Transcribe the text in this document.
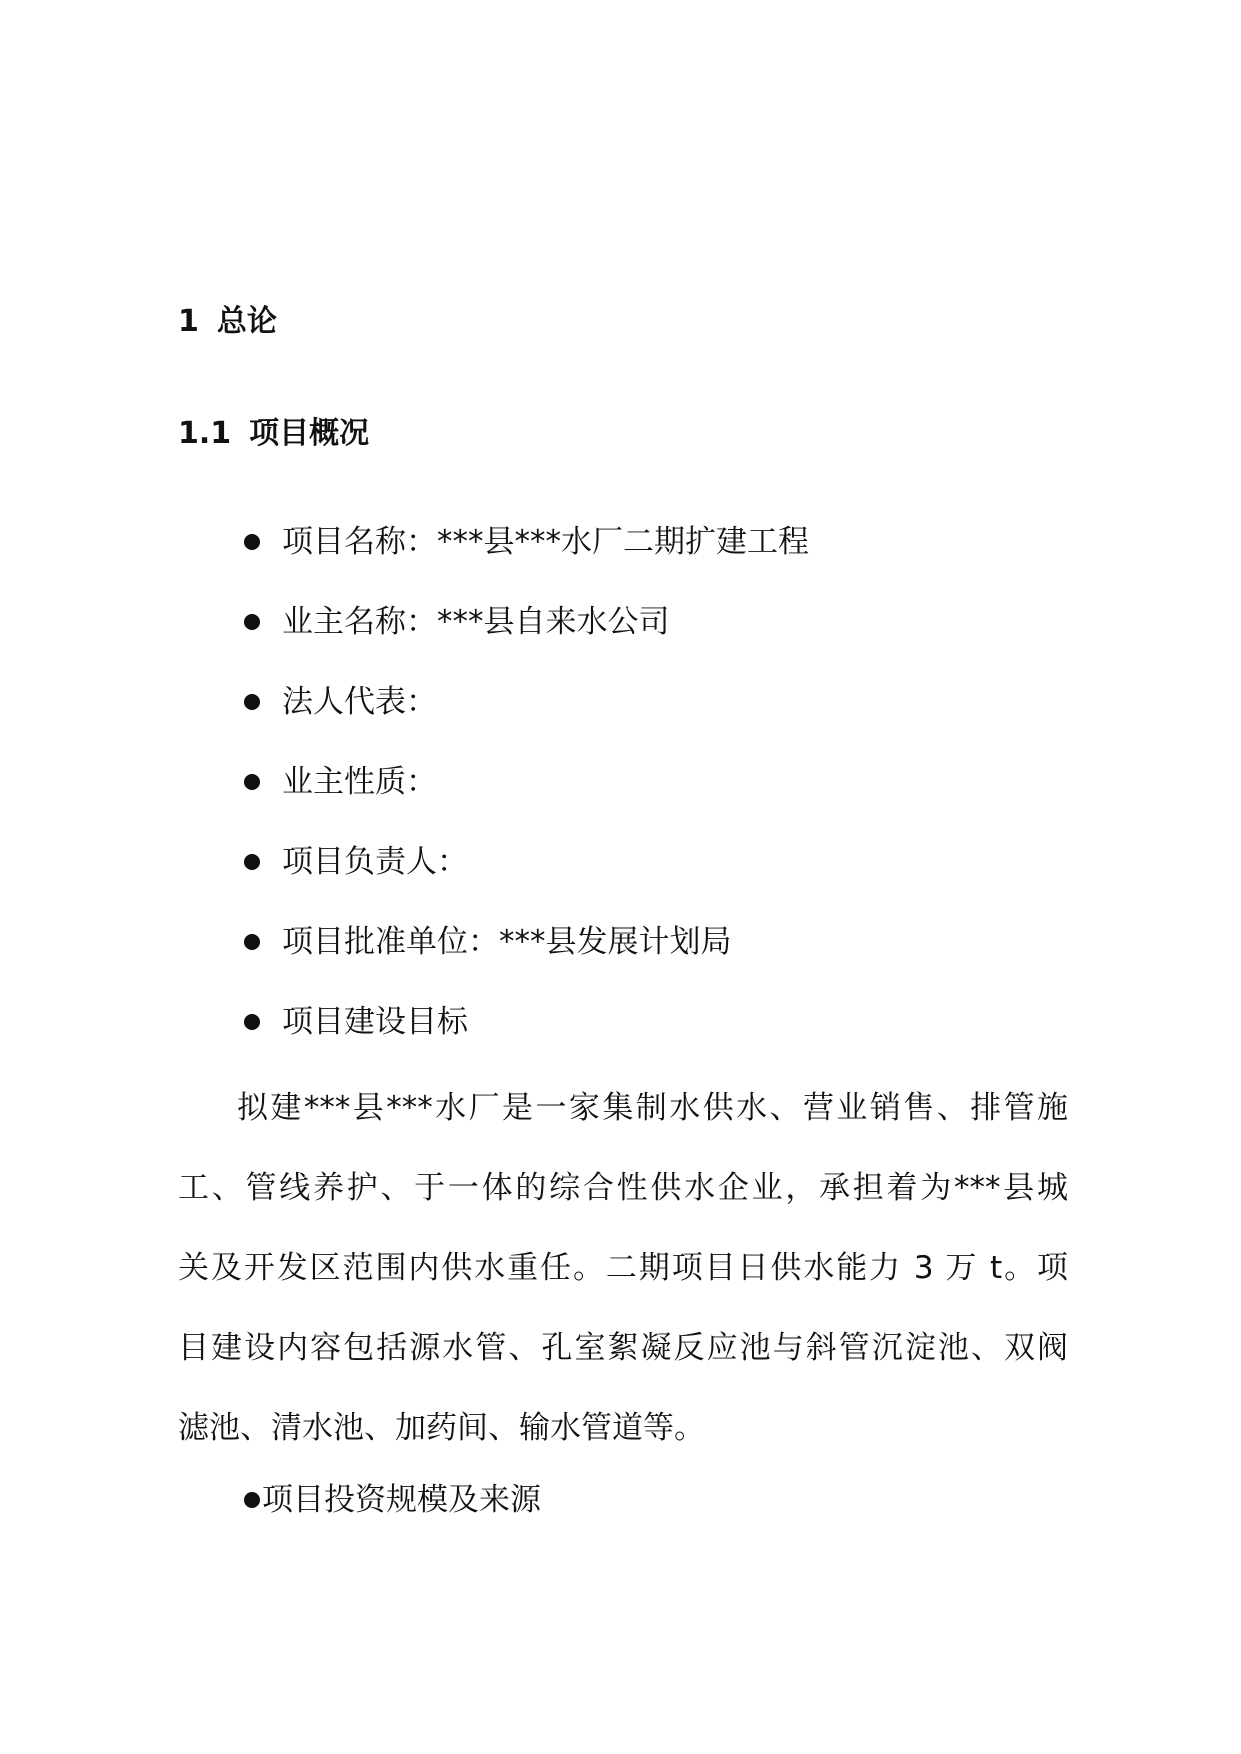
1 总论
1.1 项目概况
项目名称：***县***水厂二期扩建工程
业主名称：***县自来水公司
法人代表：
业主性质：
项目负责人：
项目批准单位：***县发展计划局
项目建设目标
拟建***县***水厂是一家集制水供水、营业销售、排管施
工、管线养护、于一体的综合性供水企业，承担着为***县城
关及开发区范围内供水重任。二期项目日供水能力 3 万 t。项
目建设内容包括源水管、孔室絮凝反应池与斜管沉淀池、双阀
滤池、清水池、加药间、输水管道等。
项目投资规模及来源
